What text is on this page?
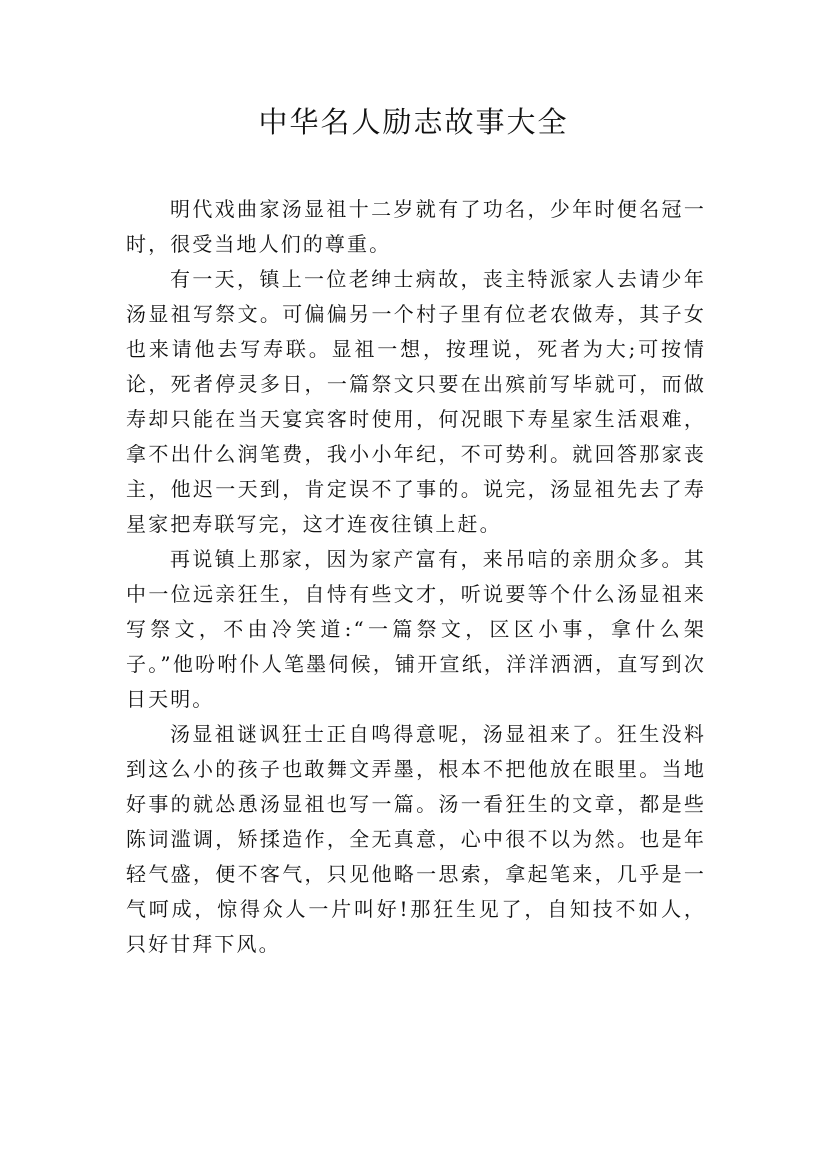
中华名人励志故事大全

明代戏曲家汤显祖十二岁就有了功名，少年时便名冠一时，很受当地人们的尊重。

有一天，镇上一位老绅士病故，丧主特派家人去请少年汤显祖写祭文。可偏偏另一个村子里有位老农做寿，其子女也来请他去写寿联。显祖一想，按理说，死者为大;可按情论，死者停灵多日，一篇祭文只要在出殡前写毕就可，而做寿却只能在当天宴宾客时使用，何况眼下寿星家生活艰难，拿不出什么润笔费，我小小年纪，不可势利。就回答那家丧主，他迟一天到，肯定误不了事的。说完，汤显祖先去了寿星家把寿联写完，这才连夜往镇上赶。

再说镇上那家，因为家产富有，来吊唁的亲朋众多。其中一位远亲狂生，自恃有些文才，听说要等个什么汤显祖来写祭文，不由冷笑道:“一篇祭文，区区小事，拿什么架子。”他吩咐仆人笔墨伺候，铺开宣纸，洋洋洒洒，直写到次日天明。

汤显祖谜讽狂士正自鸣得意呢，汤显祖来了。狂生没料到这么小的孩子也敢舞文弄墨，根本不把他放在眼里。当地好事的就怂恿汤显祖也写一篇。汤一看狂生的文章，都是些陈词滥调，矫揉造作，全无真意，心中很不以为然。也是年轻气盛，便不客气，只见他略一思索，拿起笔来，几乎是一气呵成，惊得众人一片叫好!那狂生见了，自知技不如人，只好甘拜下风。
